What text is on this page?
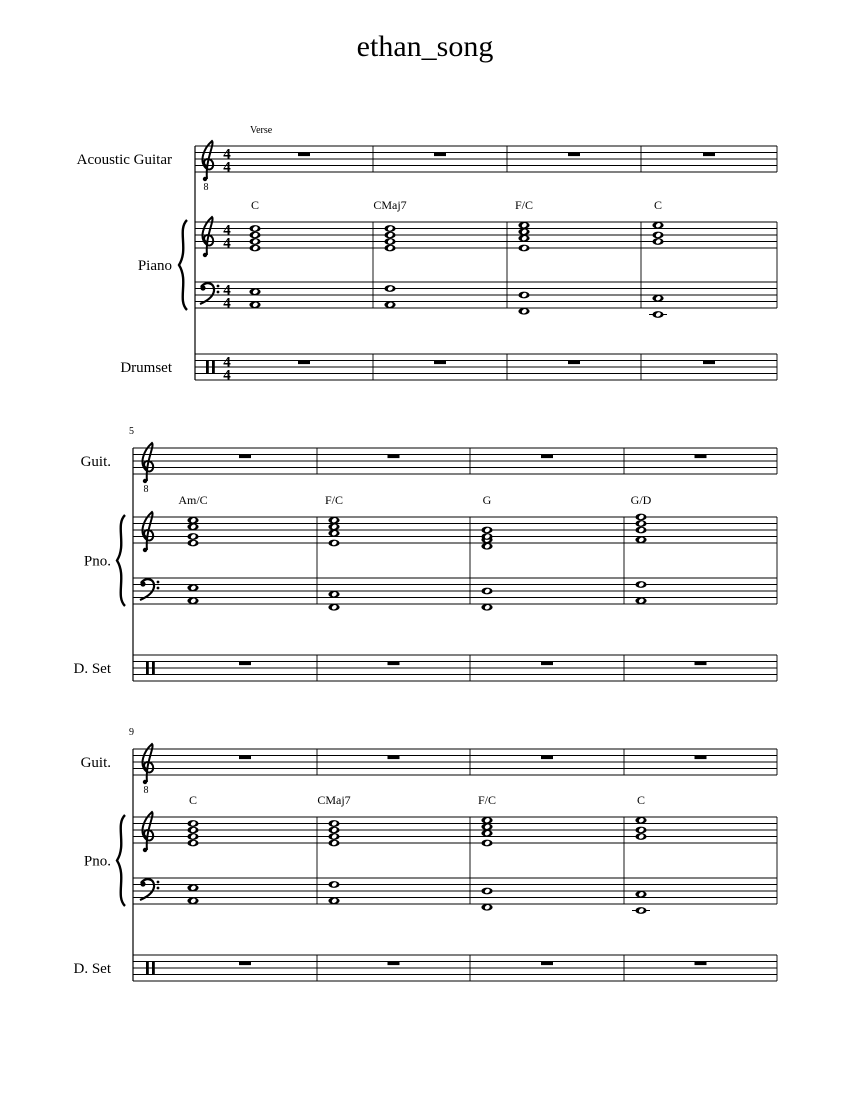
ethan_song
8
4
4
4
4
4
4
4
4
Acoustic Guitar
Piano
Drumset
Verse
C	CMaj7	F/C	C
8
Guit.
Pno.
D. Set
5
Am/C	F/C	G	G/D
8
Guit.
Pno.
D. Set
9
C	CMaj7	F/C	C
